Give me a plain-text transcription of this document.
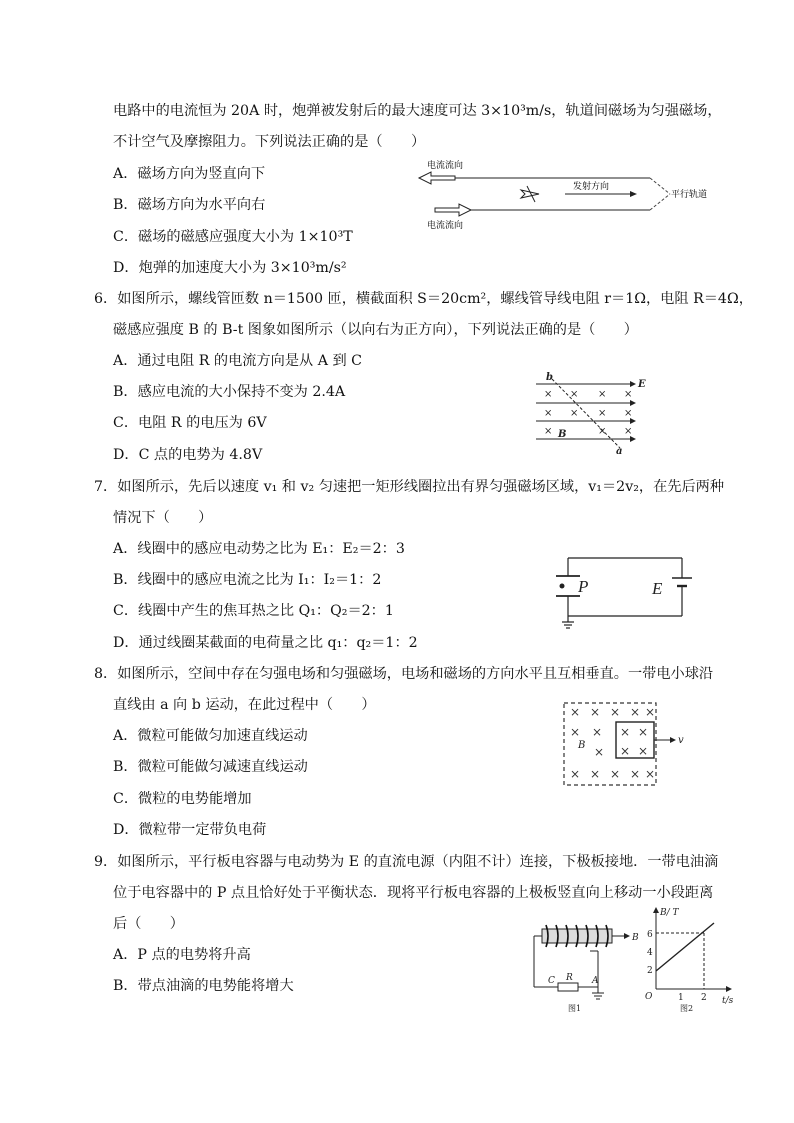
电路中的电流恒为 20A 时，炮弹被发射后的最大速度可达 3×10³m/s，轨道间磁场为匀强磁场，
不计空气及摩擦阻力。下列说法正确的是（　　）
A．磁场方向为竖直向下
B．磁场方向为水平向右
C．磁场的磁感应强度大小为 1×10³T
D．炮弹的加速度大小为 3×10³m/s²
电流流向
电流流向
发射方向
平行轨道
6．如图所示，螺线管匝数 n＝1500 匝，横截面积 S＝20cm²，螺线管导线电阻 r＝1Ω，电阻 R＝4Ω，
磁感应强度 B 的 B-t 图象如图所示（以向右为正方向），下列说法正确的是（　　）
A．通过电阻 R 的电流方向是从 A 到 C
B．感应电流的大小保持不变为 2.4A
C．电阻 R 的电压为 6V
D．C 点的电势为 4.8V
× × × ×
× × × ×
×	× ×
b
a
E
B
7．如图所示，先后以速度 v₁ 和 v₂ 匀速把一矩形线圈拉出有界匀强磁场区域，v₁＝2v₂，在先后两种
情况下（　　）
A．线圈中的感应电动势之比为 E₁：E₂＝2：3
B．线圈中的感应电流之比为 I₁：I₂＝1：2
C．线圈中产生的焦耳热之比 Q₁：Q₂＝2：1
D．通过线圈某截面的电荷量之比 q₁：q₂＝1：2
P	E
8．如图所示，空间中存在匀强电场和匀强磁场，电场和磁场的方向水平且互相垂直。一带电小球沿
直线由 a 向 b 运动，在此过程中（　　）
A．微粒可能做匀加速直线运动
B．微粒可能做匀减速直线运动
C．微粒的电势能增加
D．微粒带一定带负电荷
× × × × ×
× × × ×
× × ×
× × × × ×
B	v
9．如图所示，平行板电容器与电动势为 E 的直流电源（内阻不计）连接，下极板接地．一带电油滴
位于电容器中的 P 点且恰好处于平衡状态．现将平行板电容器的上极板竖直向上移动一小段距离
后（　　）
A．P 点的电势将升高
B．带点油滴的电势能将增大
B
C R A
图1
B/ T
t/s
O
2
4
6
1 2
图2
